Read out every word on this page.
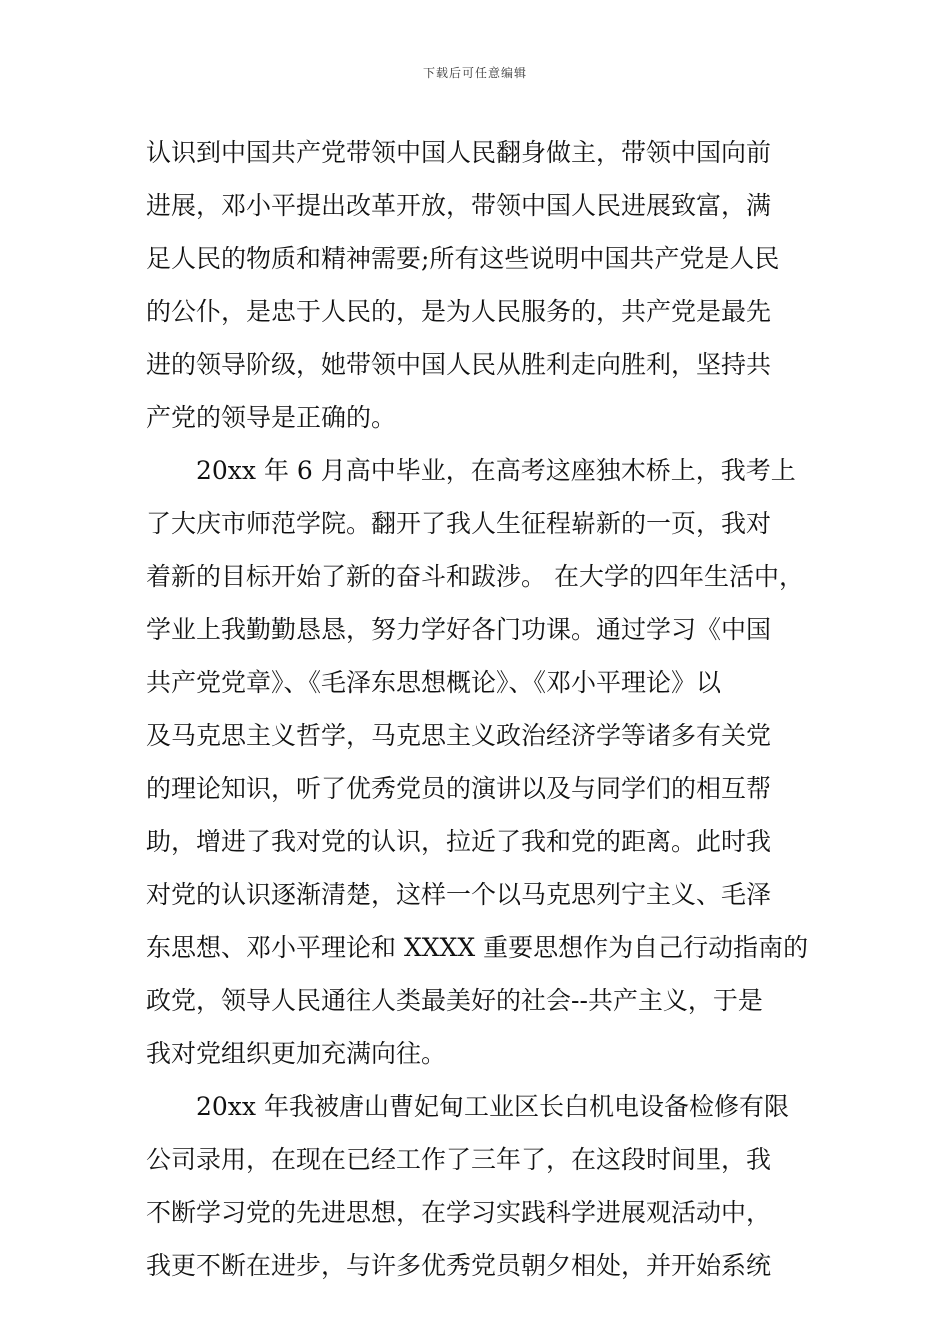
下载后可任意编辑
认识到中国共产党带领中国人民翻身做主，带领中国向前
进展，邓小平提出改革开放，带领中国人民进展致富，满
足人民的物质和精神需要;所有这些说明中国共产党是人民
的公仆，是忠于人民的，是为人民服务的，共产党是最先
进的领导阶级，她带领中国人民从胜利走向胜利，坚持共
产党的领导是正确的。
20xx 年 6 月高中毕业，在高考这座独木桥上，我考上
了大庆市师范学院。翻开了我人生征程崭新的一页，我对
着新的目标开始了新的奋斗和跋涉。 在大学的四年生活中，
学业上我勤勤恳恳，努力学好各门功课。通过学习《中国
共产党党章》、《毛泽东思想概论》、《邓小平理论》以
及马克思主义哲学，马克思主义政治经济学等诸多有关党
的理论知识，听了优秀党员的演讲以及与同学们的相互帮
助，增进了我对党的认识，拉近了我和党的距离。此时我
对党的认识逐渐清楚，这样一个以马克思列宁主义、毛泽
东思想、邓小平理论和 XXXX 重要思想作为自己行动指南的
政党，领导人民通往人类最美好的社会--共产主义，于是
我对党组织更加充满向往。
20xx 年我被唐山曹妃甸工业区长白机电设备检修有限
公司录用，在现在已经工作了三年了，在这段时间里，我
不断学习党的先进思想，在学习实践科学进展观活动中，
我更不断在进步，与许多优秀党员朝夕相处，并开始系统
